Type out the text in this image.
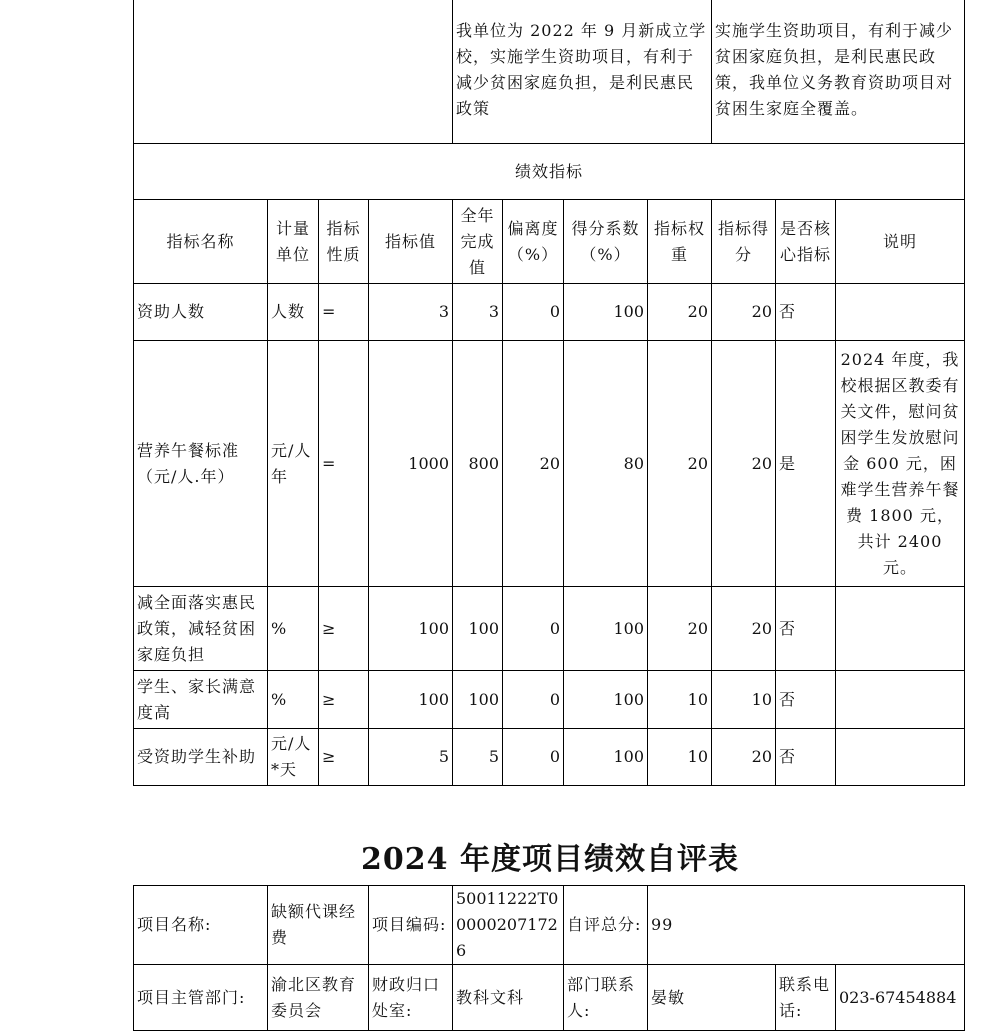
				我单位为 2022 年 9 月新成立学校，实施学生资助项目，有利于减少贫困家庭负担，是利民惠民政策				实施学生资助项目，有利于减少贫困家庭负担，是利民惠民政策，我单位义务教育资助项目对贫困生家庭全覆盖。		
绩效指标										
指标名称	计量单位	指标性质	指标值	全年完成值	偏离度（%）	得分系数（%）	指标权重	指标得分	是否核心指标	说明
资助人数	人数	=	3	3	0	100	20	20	否	
营养午餐标准（元/人.年）	元/人年	=	1000	800	20	80	20	20	是	2024 年度，我校根据区教委有关文件，慰问贫困学生发放慰问金 600 元，困难学生营养午餐费 1800 元，共计 2400 元。
减全面落实惠民政策，减轻贫困家庭负担	%	≥	100	100	0	100	20	20	否	
学生、家长满意度高	%	≥	100	100	0	100	10	10	否	
受资助学生补助	元/人*天	≥	5	5	0	100	10	20	否	
2024 年度项目绩效自评表
项目名称:	缺额代课经费	项目编码:	50011222T000002071726	自评总分:	99		
项目主管部门:	渝北区教育委员会	财政归口处室:	教科文科	部门联系人:	晏敏	联系电话:	023-67454884
